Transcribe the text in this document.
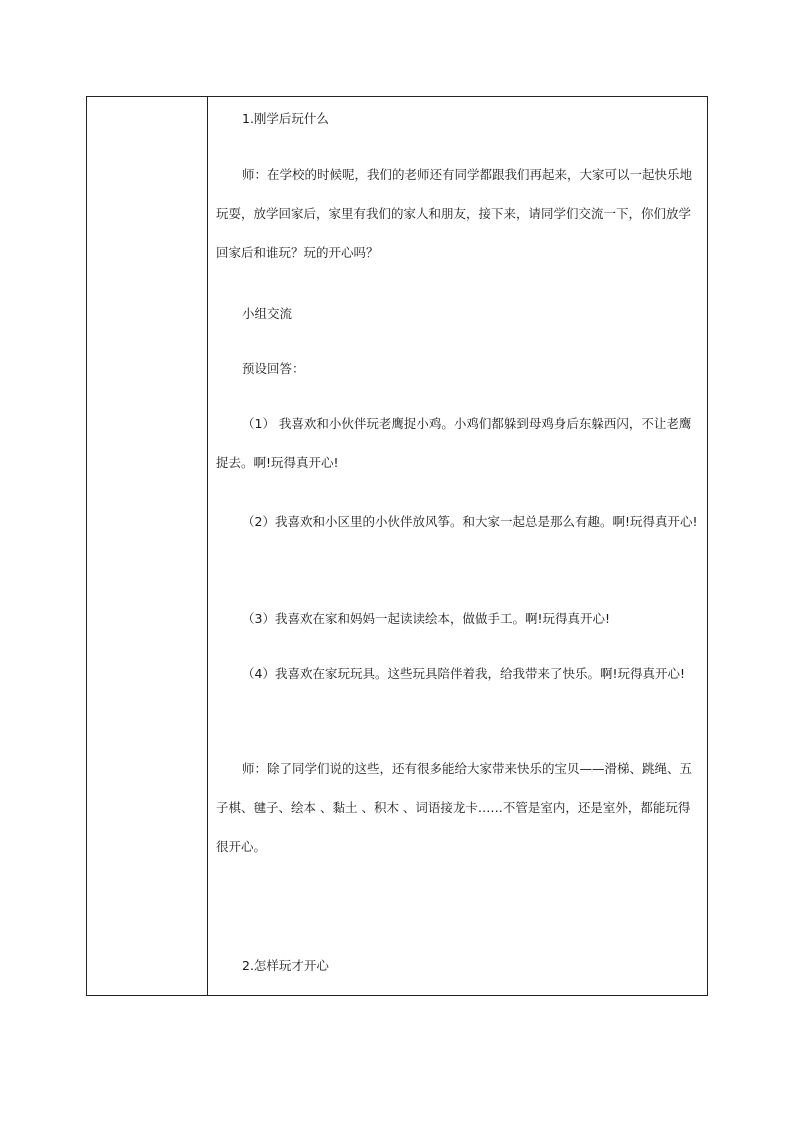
1.刚学后玩什么

师：在学校的时候呢，我们的老师还有同学都跟我们再起来，大家可以一起快乐地玩耍，放学回家后，家里有我们的家人和朋友，接下来，请同学们交流一下，你们放学回家后和谁玩？玩的开心吗？

小组交流

预设回答：

（1） 我喜欢和小伙伴玩老鹰捉小鸡。小鸡们都躲到母鸡身后东躲西闪，不让老鹰捉去。啊!玩得真开心!

（2）我喜欢和小区里的小伙伴放风筝。和大家一起总是那么有趣。啊!玩得真开心!

（3）我喜欢在家和妈妈一起读读绘本，做做手工。啊!玩得真开心!

（4）我喜欢在家玩玩具。这些玩具陪伴着我，给我带来了快乐。啊!玩得真开心!

师：除了同学们说的这些，还有很多能给大家带来快乐的宝贝——滑梯、跳绳、五子棋、毽子、绘本 、黏土 、积木 、词语接龙卡……不管是室内，还是室外，都能玩得很开心。

2.怎样玩才开心
